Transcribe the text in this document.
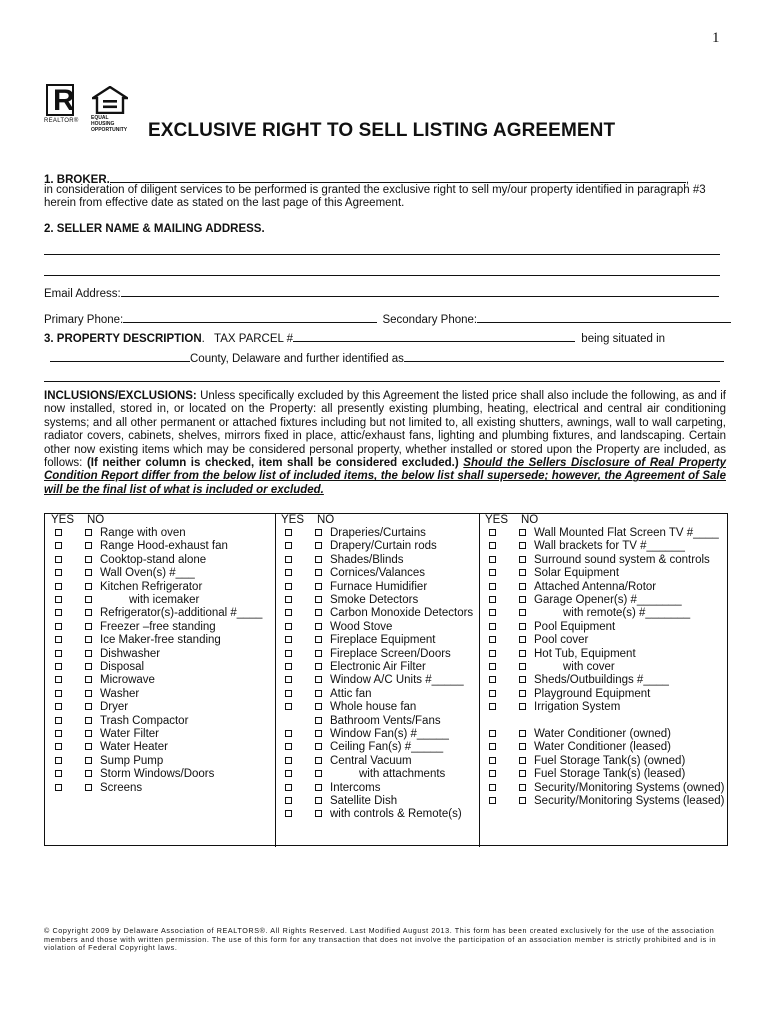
1
R
REALTOR® EQUAL HOUSING OPPORTUNITY	EXCLUSIVE RIGHT TO SELL LISTING AGREEMENT
1. BROKER.	,
in consideration of diligent services to be performed is granted the exclusive right to sell my/our property identified in paragraph #3 herein from effective date as stated on the last page of this Agreement.
2. SELLER NAME & MAILING ADDRESS.
Email Address:
Primary Phone:	Secondary Phone:
3. PROPERTY DESCRIPTION. TAX PARCEL #	being situated in
County, Delaware and further identified as
INCLUSIONS/EXCLUSIONS: Unless specifically excluded by this Agreement the listed price shall also include the following, as and if now installed, stored in, or located on the Property: all presently existing plumbing, heating, electrical and central air conditioning systems; and all other permanent or attached fixtures including but not limited to, all existing shutters, awnings, wall to wall carpeting, radiator covers, cabinets, shelves, mirrors fixed in place, attic/exhaust fans, lighting and plumbing fixtures, and landscaping. Certain other now existing items which may be considered personal property, whether installed or stored upon the Property are included, as follows: (If neither column is checked, item shall be considered excluded.) Should the Sellers Disclosure of Real Property Condition Report differ from the below list of included items, the below list shall supersede; however, the Agreement of Sale will be the final list of what is included or excluded.
YES NO
Range with oven
Range Hood-exhaust fan
Cooktop-stand alone
Wall Oven(s) #___
Kitchen Refrigerator
with icemaker
Refrigerator(s)-additional #____
Freezer –free standing
Ice Maker-free standing
Dishwasher
Disposal
Microwave
Washer
Dryer
Trash Compactor
Water Filter
Water Heater
Sump Pump
Storm Windows/Doors
Screens
YES NO
Draperies/Curtains
Drapery/Curtain rods
Shades/Blinds
Cornices/Valances
Furnace Humidifier
Smoke Detectors
Carbon Monoxide Detectors
Wood Stove
Fireplace Equipment
Fireplace Screen/Doors
Electronic Air Filter
Window A/C Units #_____
Attic fan
Whole house fan
Bathroom Vents/Fans
Window Fan(s) #_____
Ceiling Fan(s) #_____
Central Vacuum
with attachments
Intercoms
Satellite Dish
with controls & Remote(s)
YES NO
Wall Mounted Flat Screen TV #____
Wall brackets for TV #______
Surround sound system & controls
Solar Equipment
Attached Antenna/Rotor
Garage Opener(s) #_______
with remote(s) #_______
Pool Equipment
Pool cover
Hot Tub, Equipment
with cover
Sheds/Outbuildings #____
Playground Equipment
Irrigation System
Water Conditioner (owned)
Water Conditioner (leased)
Fuel Storage Tank(s) (owned)
Fuel Storage Tank(s) (leased)
Security/Monitoring Systems (owned)
Security/Monitoring Systems (leased)
© Copyright 2009 by Delaware Association of REALTORS®. All Rights Reserved. Last Modified August 2013. This form has been created exclusively for the use of the association members and those with written permission. The use of this form for any transaction that does not involve the participation of an association member is strictly prohibited and is in violation of Federal Copyright laws.
